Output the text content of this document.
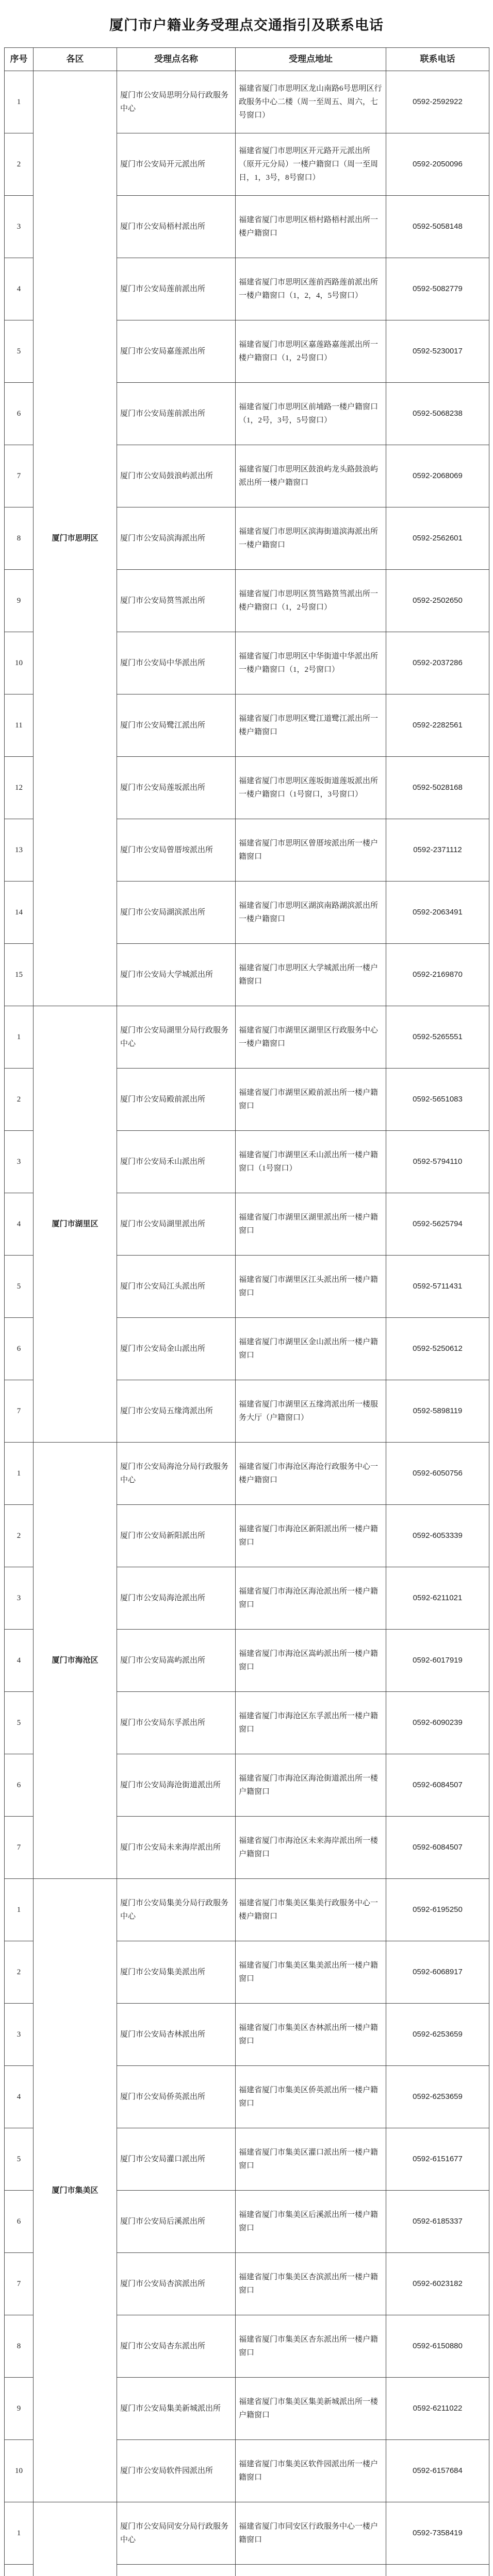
厦门市户籍业务受理点交通指引及联系电话
序号	各区	受理点名称	受理点地址	联系电话
1	厦门市思明区	厦门市公安局思明分局行政服务中心	福建省厦门市思明区龙山南路6号思明区行政服务中心二楼（周一至周五、周六，七号窗口）	0592-2592922
2		厦门市公安局开元派出所	福建省厦门市思明区开元路开元派出所（原开元分局）一楼户籍窗口（周一至周日，1，3号，8号窗口）	0592-2050096
3		厦门市公安局梧村派出所	福建省厦门市思明区梧村路梧村派出所一楼户籍窗口	0592-5058148
4		厦门市公安局莲前派出所	福建省厦门市思明区莲前西路莲前派出所一楼户籍窗口（1，2，4，5号窗口）	0592-5082779
5		厦门市公安局嘉莲派出所	福建省厦门市思明区嘉莲路嘉莲派出所一楼户籍窗口（1，2号窗口）	0592-5230017
6		厦门市公安局莲前派出所	福建省厦门市思明区前埔路一楼户籍窗口（1，2号，3号，5号窗口）	0592-5068238
7		厦门市公安局鼓浪屿派出所	福建省厦门市思明区鼓浪屿龙头路鼓浪屿派出所一楼户籍窗口	0592-2068069
8		厦门市公安局滨海派出所	福建省厦门市思明区滨海街道滨海派出所一楼户籍窗口	0592-2562601
9		厦门市公安局筼筜派出所	福建省厦门市思明区筼筜路筼筜派出所一楼户籍窗口（1，2号窗口）	0592-2502650
10		厦门市公安局中华派出所	福建省厦门市思明区中华街道中华派出所一楼户籍窗口（1，2号窗口）	0592-2037286
11		厦门市公安局鹭江派出所	福建省厦门市思明区鹭江道鹭江派出所一楼户籍窗口	0592-2282561
12		厦门市公安局莲坂派出所	福建省厦门市思明区莲坂街道莲坂派出所一楼户籍窗口（1号窗口，3号窗口）	0592-5028168
13		厦门市公安局曾厝垵派出所	福建省厦门市思明区曾厝垵派出所一楼户籍窗口	0592-2371112
14		厦门市公安局湖滨派出所	福建省厦门市思明区湖滨南路湖滨派出所一楼户籍窗口	0592-2063491
15		厦门市公安局大学城派出所	福建省厦门市思明区大学城派出所一楼户籍窗口	0592-2169870
1	厦门市湖里区	厦门市公安局湖里分局行政服务中心	福建省厦门市湖里区湖里区行政服务中心一楼户籍窗口	0592-5265551
2		厦门市公安局殿前派出所	福建省厦门市湖里区殿前派出所一楼户籍窗口	0592-5651083
3		厦门市公安局禾山派出所	福建省厦门市湖里区禾山派出所一楼户籍窗口（1号窗口）	0592-5794110
4		厦门市公安局湖里派出所	福建省厦门市湖里区湖里派出所一楼户籍窗口	0592-5625794
5		厦门市公安局江头派出所	福建省厦门市湖里区江头派出所一楼户籍窗口	0592-5711431
6		厦门市公安局金山派出所	福建省厦门市湖里区金山派出所一楼户籍窗口	0592-5250612
7		厦门市公安局五缘湾派出所	福建省厦门市湖里区五缘湾派出所一楼服务大厅（户籍窗口）	0592-5898119
1	厦门市海沧区	厦门市公安局海沧分局行政服务中心	福建省厦门市海沧区海沧行政服务中心一楼户籍窗口	0592-6050756
2		厦门市公安局新阳派出所	福建省厦门市海沧区新阳派出所一楼户籍窗口	0592-6053339
3		厦门市公安局海沧派出所	福建省厦门市海沧区海沧派出所一楼户籍窗口	0592-6211021
4		厦门市公安局嵩屿派出所	福建省厦门市海沧区嵩屿派出所一楼户籍窗口	0592-6017919
5		厦门市公安局东孚派出所	福建省厦门市海沧区东孚派出所一楼户籍窗口	0592-6090239
6		厦门市公安局海沧街道派出所	福建省厦门市海沧区海沧街道派出所一楼户籍窗口	0592-6084507
7		厦门市公安局未来海岸派出所	福建省厦门市海沧区未来海岸派出所一楼户籍窗口	0592-6084507
1	厦门市集美区	厦门市公安局集美分局行政服务中心	福建省厦门市集美区集美行政服务中心一楼户籍窗口	0592-6195250
2		厦门市公安局集美派出所	福建省厦门市集美区集美派出所一楼户籍窗口	0592-6068917
3		厦门市公安局杏林派出所	福建省厦门市集美区杏林派出所一楼户籍窗口	0592-6253659
4		厦门市公安局侨英派出所	福建省厦门市集美区侨英派出所一楼户籍窗口	0592-6253659
5		厦门市公安局灌口派出所	福建省厦门市集美区灌口派出所一楼户籍窗口	0592-6151677
6		厦门市公安局后溪派出所	福建省厦门市集美区后溪派出所一楼户籍窗口	0592-6185337
7		厦门市公安局杏滨派出所	福建省厦门市集美区杏滨派出所一楼户籍窗口	0592-6023182
8		厦门市公安局杏东派出所	福建省厦门市集美区杏东派出所一楼户籍窗口	0592-6150880
9		厦门市公安局集美新城派出所	福建省厦门市集美区集美新城派出所一楼户籍窗口	0592-6211022
10		厦门市公安局软件园派出所	福建省厦门市集美区软件园派出所一楼户籍窗口	0592-6157684
1		厦门市公安局同安分局行政服务中心	福建省厦门市同安区行政服务中心一楼户籍窗口	0592-7358419
